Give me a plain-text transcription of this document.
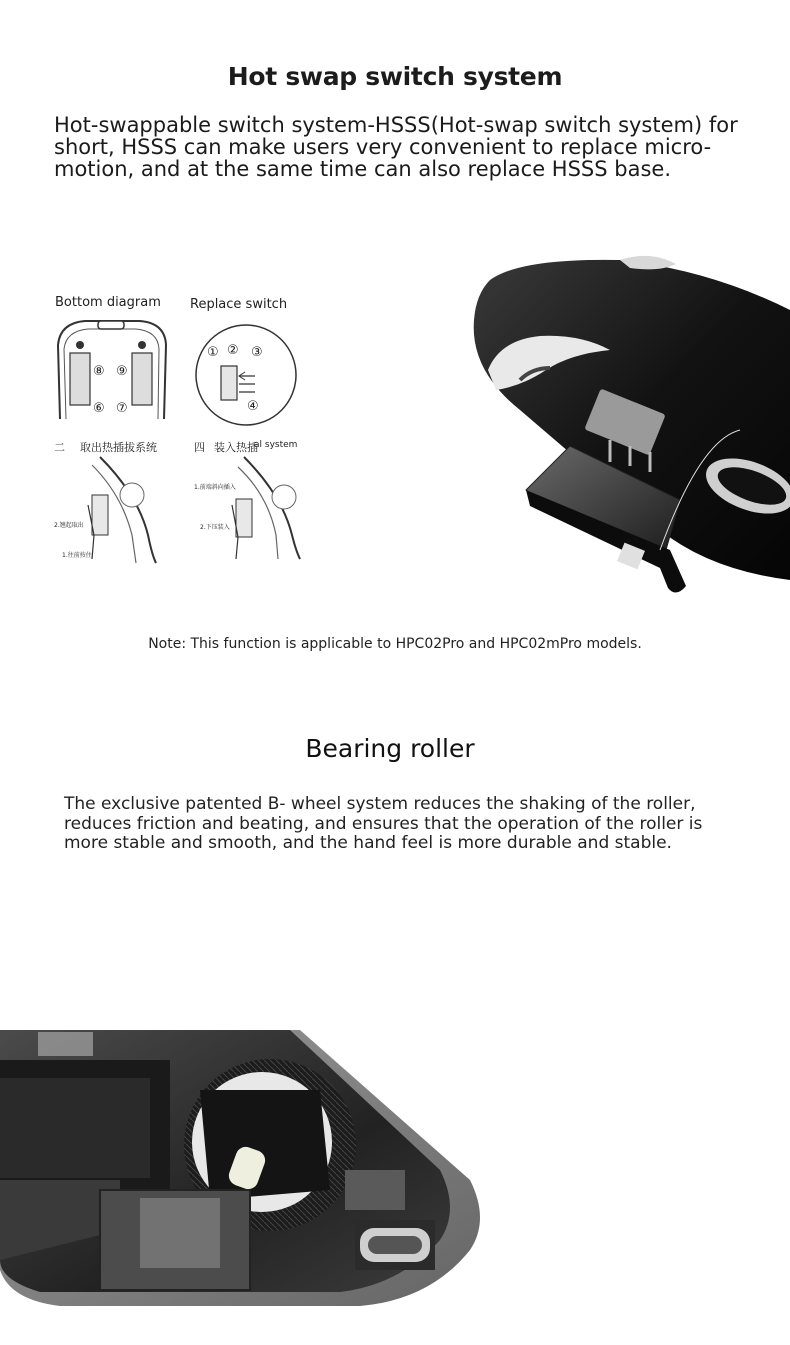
Hot swap switch system
Hot-swappable switch system-HSSS(Hot-swap switch system) for short, HSSS can make users very convenient to replace micro-motion, and at the same time can also replace HSSS base.
Bottom diagram Replace switch
二 取出热插拔系统	四 装入热插
al system
⑧ ⑨
⑥ ⑦
① ② ③
④
2.翘起取出
1.往前按住
1.前端斜向插入
2.下压装入
Note: This function is applicable to HPC02Pro and HPC02mPro models.
Bearing roller
The exclusive patented B- wheel system reduces the shaking of the roller, reduces friction and beating, and ensures that the operation of the roller is more stable and smooth, and the hand feel is more durable and stable.
